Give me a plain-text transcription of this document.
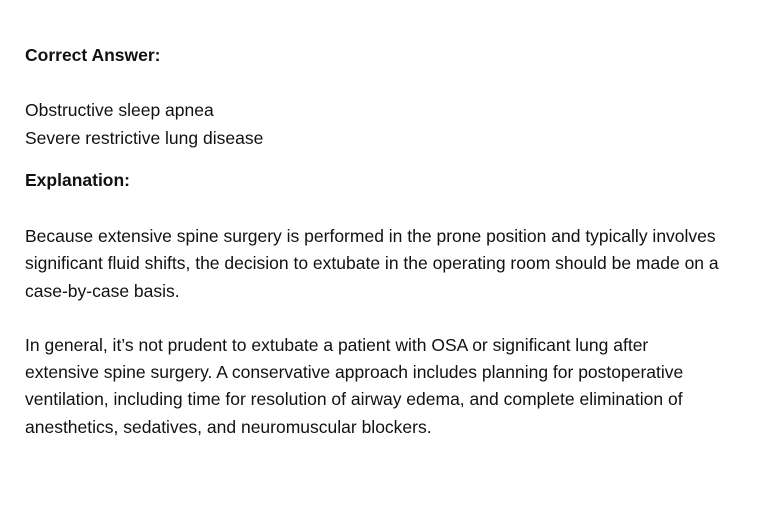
Correct Answer:
Obstructive sleep apnea
Severe restrictive lung disease
Explanation:

Because extensive spine surgery is performed in the prone position and typically involves significant fluid shifts, the decision to extubate in the operating room should be made on a case-by-case basis.

In general, it’s not prudent to extubate a patient with OSA or significant lung after extensive spine surgery. A conservative approach includes planning for postoperative ventilation, including time for resolution of airway edema, and complete elimination of anesthetics, sedatives, and neuromuscular blockers.
